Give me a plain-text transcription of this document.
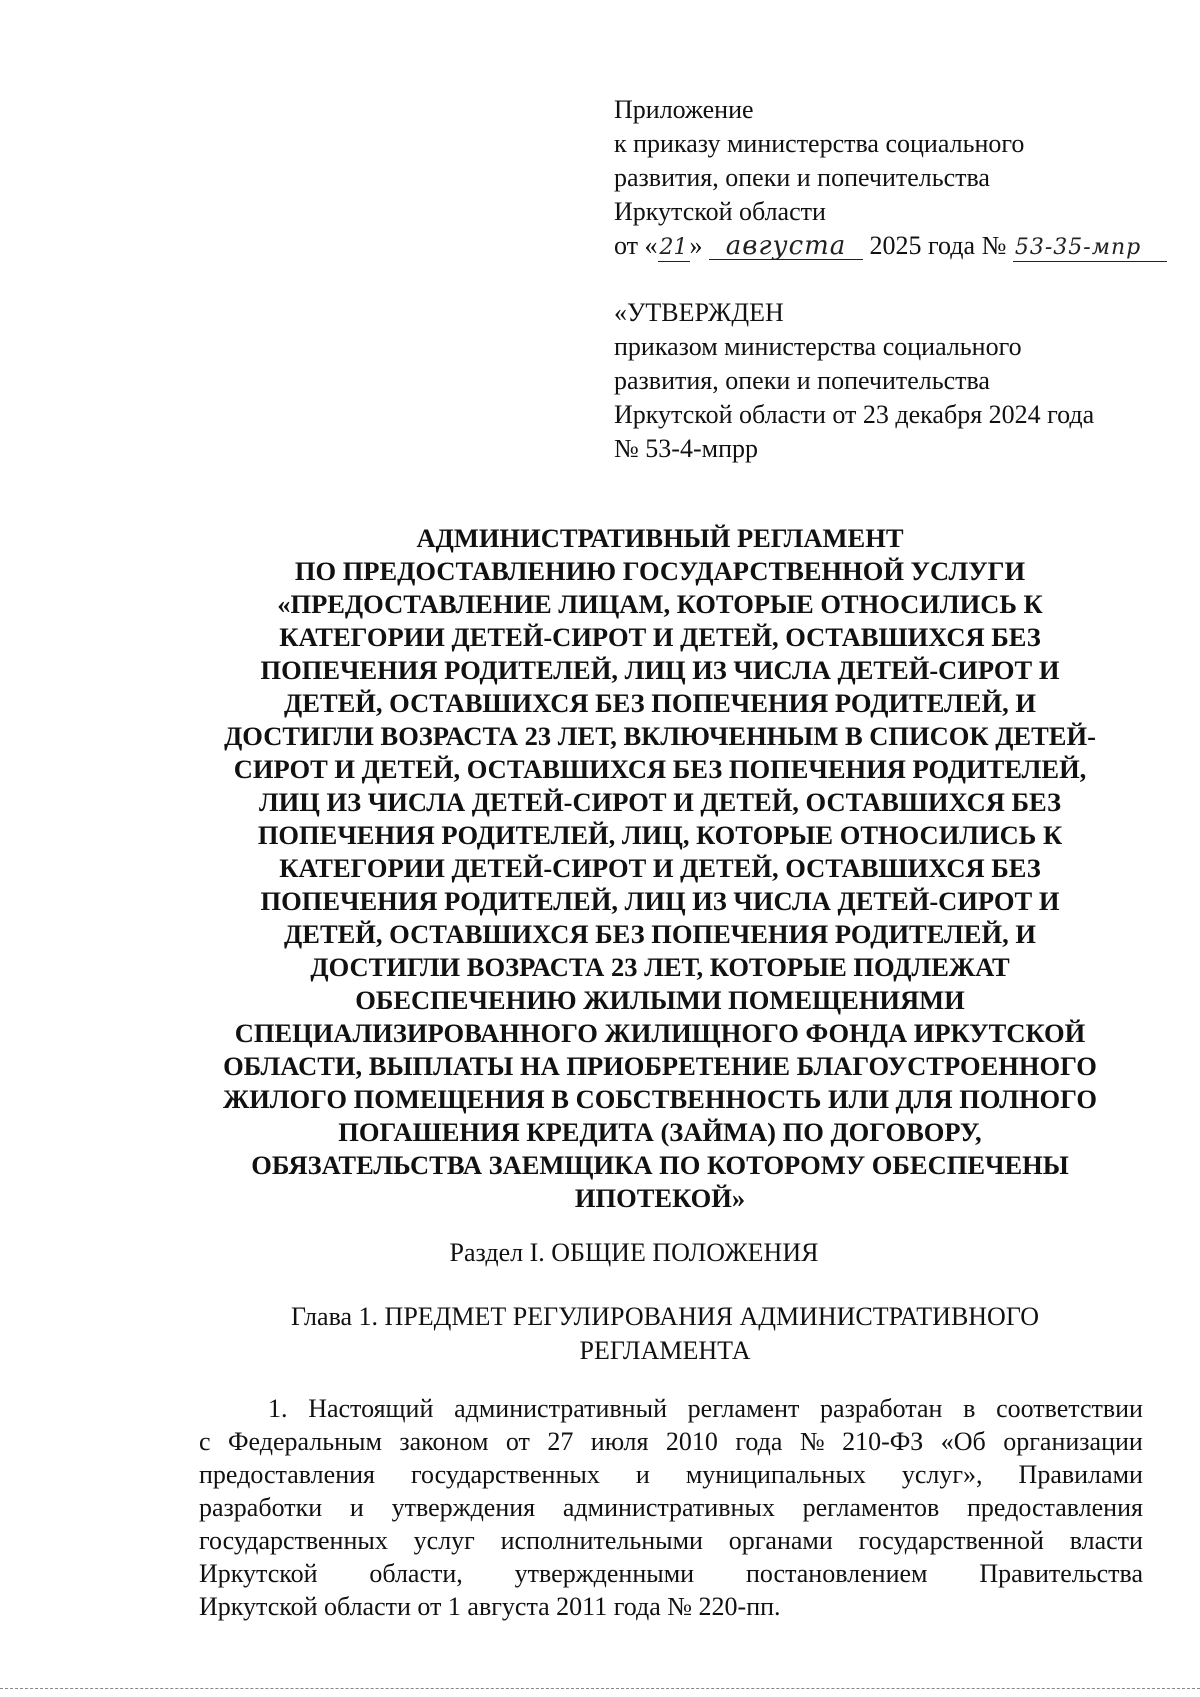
Приложение
к приказу министерства социального
развития, опеки и попечительства
Иркутской области
от «21» августа 2025 года № 53-35-мпр
«УТВЕРЖДЕН
приказом министерства социального
развития, опеки и попечительства
Иркутской области от 23 декабря 2024 года
№ 53-4-мпрр
АДМИНИСТРАТИВНЫЙ РЕГЛАМЕНТ
ПО ПРЕДОСТАВЛЕНИЮ ГОСУДАРСТВЕННОЙ УСЛУГИ
«ПРЕДОСТАВЛЕНИЕ ЛИЦАМ, КОТОРЫЕ ОТНОСИЛИСЬ К
КАТЕГОРИИ ДЕТЕЙ-СИРОТ И ДЕТЕЙ, ОСТАВШИХСЯ БЕЗ
ПОПЕЧЕНИЯ РОДИТЕЛЕЙ, ЛИЦ ИЗ ЧИСЛА ДЕТЕЙ-СИРОТ И
ДЕТЕЙ, ОСТАВШИХСЯ БЕЗ ПОПЕЧЕНИЯ РОДИТЕЛЕЙ, И
ДОСТИГЛИ ВОЗРАСТА 23 ЛЕТ, ВКЛЮЧЕННЫМ В СПИСОК ДЕТЕЙ-
СИРОТ И ДЕТЕЙ, ОСТАВШИХСЯ БЕЗ ПОПЕЧЕНИЯ РОДИТЕЛЕЙ,
ЛИЦ ИЗ ЧИСЛА ДЕТЕЙ-СИРОТ И ДЕТЕЙ, ОСТАВШИХСЯ БЕЗ
ПОПЕЧЕНИЯ РОДИТЕЛЕЙ, ЛИЦ, КОТОРЫЕ ОТНОСИЛИСЬ К
КАТЕГОРИИ ДЕТЕЙ-СИРОТ И ДЕТЕЙ, ОСТАВШИХСЯ БЕЗ
ПОПЕЧЕНИЯ РОДИТЕЛЕЙ, ЛИЦ ИЗ ЧИСЛА ДЕТЕЙ-СИРОТ И
ДЕТЕЙ, ОСТАВШИХСЯ БЕЗ ПОПЕЧЕНИЯ РОДИТЕЛЕЙ, И
ДОСТИГЛИ ВОЗРАСТА 23 ЛЕТ, КОТОРЫЕ ПОДЛЕЖАТ
ОБЕСПЕЧЕНИЮ ЖИЛЫМИ ПОМЕЩЕНИЯМИ
СПЕЦИАЛИЗИРОВАННОГО ЖИЛИЩНОГО ФОНДА ИРКУТСКОЙ
ОБЛАСТИ, ВЫПЛАТЫ НА ПРИОБРЕТЕНИЕ БЛАГОУСТРОЕННОГО
ЖИЛОГО ПОМЕЩЕНИЯ В СОБСТВЕННОСТЬ ИЛИ ДЛЯ ПОЛНОГО
ПОГАШЕНИЯ КРЕДИТА (ЗАЙМА) ПО ДОГОВОРУ,
ОБЯЗАТЕЛЬСТВА ЗАЕМЩИКА ПО КОТОРОМУ ОБЕСПЕЧЕНЫ
ИПОТЕКОЙ»
Раздел I. ОБЩИЕ ПОЛОЖЕНИЯ
Глава 1. ПРЕДМЕТ РЕГУЛИРОВАНИЯ АДМИНИСТРАТИВНОГО
РЕГЛАМЕНТА
1. Настоящий административный регламент разработан в соответствии
с Федеральным законом от 27 июля 2010 года № 210-ФЗ «Об организации
предоставления государственных и муниципальных услуг», Правилами
разработки и утверждения административных регламентов предоставления
государственных услуг исполнительными органами государственной власти
Иркутской области, утвержденными постановлением Правительства
Иркутской области от 1 августа 2011 года № 220-пп.
